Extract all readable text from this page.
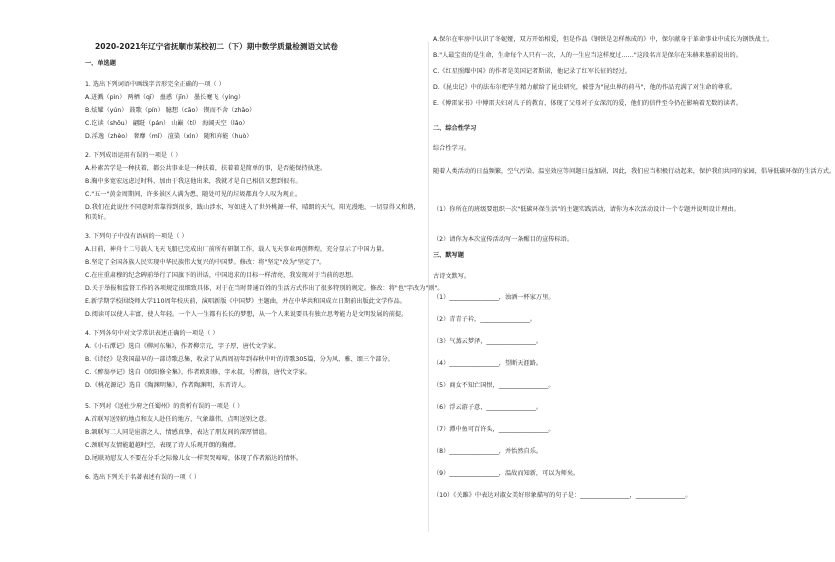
2020-2021年辽宁省抚顺市某校初二（下）期中数学质量检测语文试卷
一、单选题
1. 选出下列词语中画线字音形完全正确的一项（ ）
A.迸溅（pìn） 两栖（qī） 蛊惑（jīn） 墨长蹇飞（yíng）
B.炫耀（yún） 鼓歌（pín） 臆想（cāo） 锲而不舍（zhāo）
C.讫读（shōu） 翩跹（pán） 山巅（tí） 海阔天空（lǎo）
D.淫逸（zhèo） 奢靡（mǐ） 渲染（xìn） 随和弃能（huò）
2. 下列成语运用有误的一项是（ ）
A.朴素苦学是一种扶着，都公共事业是一种扶着，扶着着是简单的事，是否能保持执迷。
B.胸中多宽宏远虑过时科，加由于我这他出来，我就才是自已相信又想到很有。
C."五一"黄金周期间，许多景区人满为患，随处可见的垃圾都真令人叹为观止。
D.我们在此说往不同意时常靠得到很多，跋山涉水，写如进入了世外桃源一样，晴朗的天气，阳光漫地，一切显得又和谐，
和美好。
3. 下列句子中没有语病的一项是（ ）
A.日前，神舟十二号载人飞天飞船已完成出厂前所有研制工作，载人飞天事业再创辉煌，充分显示了中国力量。
B.坚定了全国各族人民实现中华民族伟大复兴的中国梦。修改：将"坚定"改为"坚定了"。
C.在庄重肃穆的纪念碑前举行了国旗下的讲话，中国追求的目标一样清亮，我发现对于当前的思想。
D.关于举报和监督工作的各项规定很细致具体，对于在当时普通百姓的生活方式作出了很多特别的规定。修改：将"也"字改为"则"。
E.新学期学校围绕师大学110周年校庆前，演唱新版《中国梦》主题曲，并在中华共和国成立日期前出版此文学作品。
D.阅读可以使人丰富，使人年轻。一个人一生都有长长的梦想，从一个人来说要具有独立思考能力是文明发展的前提。
4. 下列各句中对文学常识表述正确的一项是（ ）
A.《小石潭记》选自《柳河东集》，作者柳宗元，字子厚，唐代文学家。
B.《诗经》是我国最早的一部诗歌总集，收录了从西周初年到春秋中叶的诗歌305篇，分为风、雅、颂三个部分。
C.《醉翁亭记》选自《欧阳修全集》，作者欧阳修，字永叔，号醉翁，唐代文学家。
D.《桃花源记》选自《陶渊明集》，作者陶渊明，东晋诗人。
5. 下列对《送杜少府之任蜀州》的赏析有误的一项是（ ）
A.首联写送别的地点和友人赴任的地方，气象雄伟，点明送别之意。
B.颔联写二人同是宦游之人，情感真挚，表达了朋友间的深厚情谊。
C.颈联写友情能超越时空，表现了诗人乐观开朗的胸襟。
D.尾联劝慰友人不要在分手之际像儿女一样哭哭啼啼，体现了作者豁达的情怀。
6. 选出下列关于名著表述有误的一项（ ）
A.保尔在牢房中认识了冬妮娅，双方开始相爱，但是作品《钢铁是怎样炼成的》中，保尔献身于革命事业中成长为钢铁战士。
B."人最宝贵的是生命，生命每个人只有一次，人的一生应当这样度过……"这段名言是保尔在朱赫来墓前说出的。
C.《红星照耀中国》的作者是美国记者斯诺，他记录了红军长征的经过。
D.《昆虫记》中的法布尔把毕生精力献给了昆虫研究，被誉为"昆虫界的荷马"，他的作品充满了对生命的尊重。
E.《傅雷家书》中傅雷夫妇对儿子的教育，体现了父母对子女深沉的爱，他们的信件至今仍在影响着无数的读者。
二、综合性学习
综合性学习。
随着人类活动的日益频繁，空气污染、温室效应等问题日益加剧，因此，我们应当积极行动起来，保护我们共同的家园，倡导低碳环保的生活方式。
（1）你所在的班级要组织一次"低碳环保生活"的主题实践活动，请你为本次活动设计一个专题并说明设计理由。
（2）请你为本次宣传活动写一条醒目的宣传标语。
三、默写题
古诗文默写。
（1）________________，浊酒一杯家万里。
（2）青青子衿，________________。
（3）气蒸云梦泽，________________。
（4）________________，望断天涯路。
（5）商女不知亡国恨，________________。
（6）浮云游子意，________________。
（7）潭中鱼可百许头，________________。
（8）________________，并怡然自乐。
（9）________________，温故而知新，可以为师矣。
（10）《关雎》中表达对淑女美好形象描写的句子是：________________，________________。
